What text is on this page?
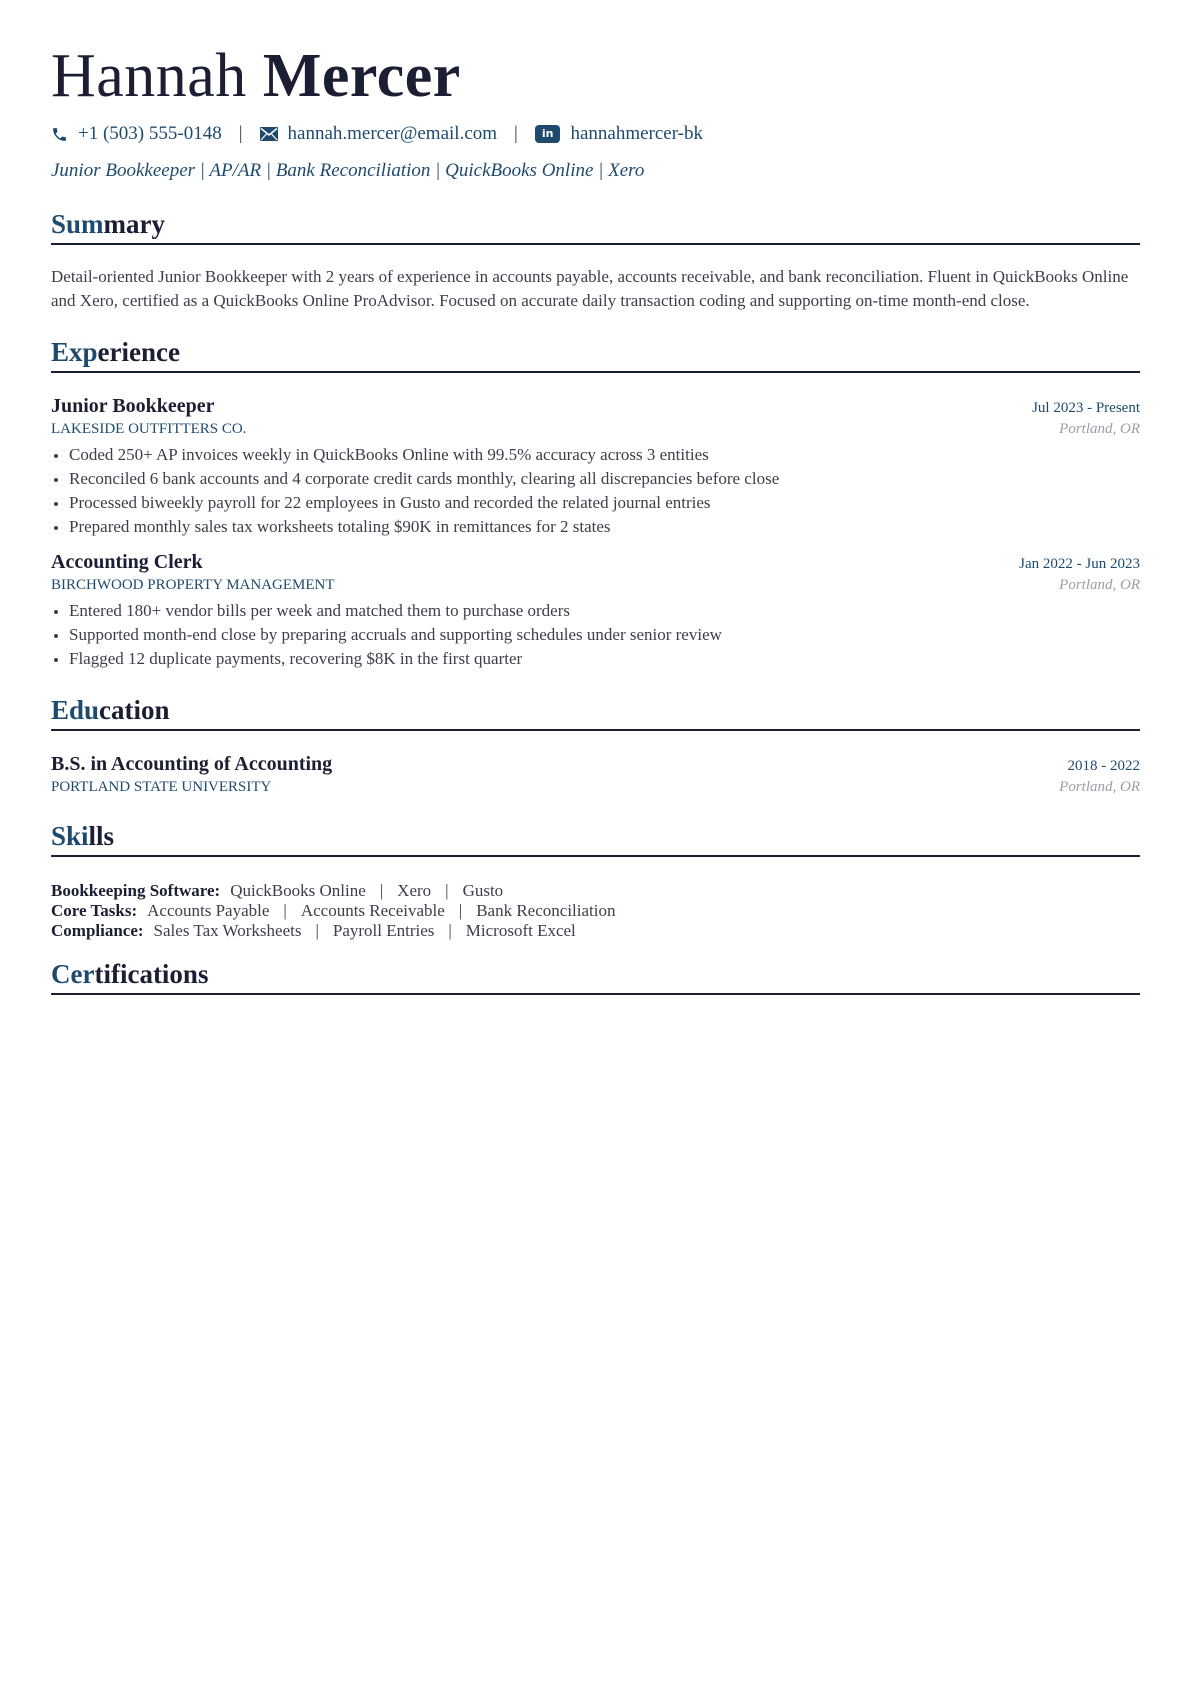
Hannah Mercer
+1 (503) 555-0148 | hannah.mercer@email.com |	in hannahmercer-bk
Junior Bookkeeper | AP/AR | Bank Reconciliation | QuickBooks Online | Xero
Summary
Detail-oriented Junior Bookkeeper with 2 years of experience in accounts payable, accounts receivable, and bank reconciliation. Fluent in QuickBooks Online and Xero, certified as a QuickBooks Online ProAdvisor. Focused on accurate daily transaction coding and supporting on-time month-end close.
Experience
Junior Bookkeeper	Jul 2023 - Present
LAKESIDE OUTFITTERS CO.	Portland, OR
• Coded 250+ AP invoices weekly in QuickBooks Online with 99.5% accuracy across 3 entities
• Reconciled 6 bank accounts and 4 corporate credit cards monthly, clearing all discrepancies before close
• Processed biweekly payroll for 22 employees in Gusto and recorded the related journal entries
• Prepared monthly sales tax worksheets totaling $90K in remittances for 2 states
Accounting Clerk	Jan 2022 - Jun 2023
BIRCHWOOD PROPERTY MANAGEMENT	Portland, OR
• Entered 180+ vendor bills per week and matched them to purchase orders
• Supported month-end close by preparing accruals and supporting schedules under senior review
• Flagged 12 duplicate payments, recovering $8K in the first quarter
Education
B.S. in Accounting of Accounting	2018 - 2022
PORTLAND STATE UNIVERSITY	Portland, OR
Skills
Bookkeeping Software: QuickBooks Online | Xero | Gusto
Core Tasks: Accounts Payable | Accounts Receivable | Bank Reconciliation
Compliance: Sales Tax Worksheets | Payroll Entries | Microsoft Excel
Certifications
